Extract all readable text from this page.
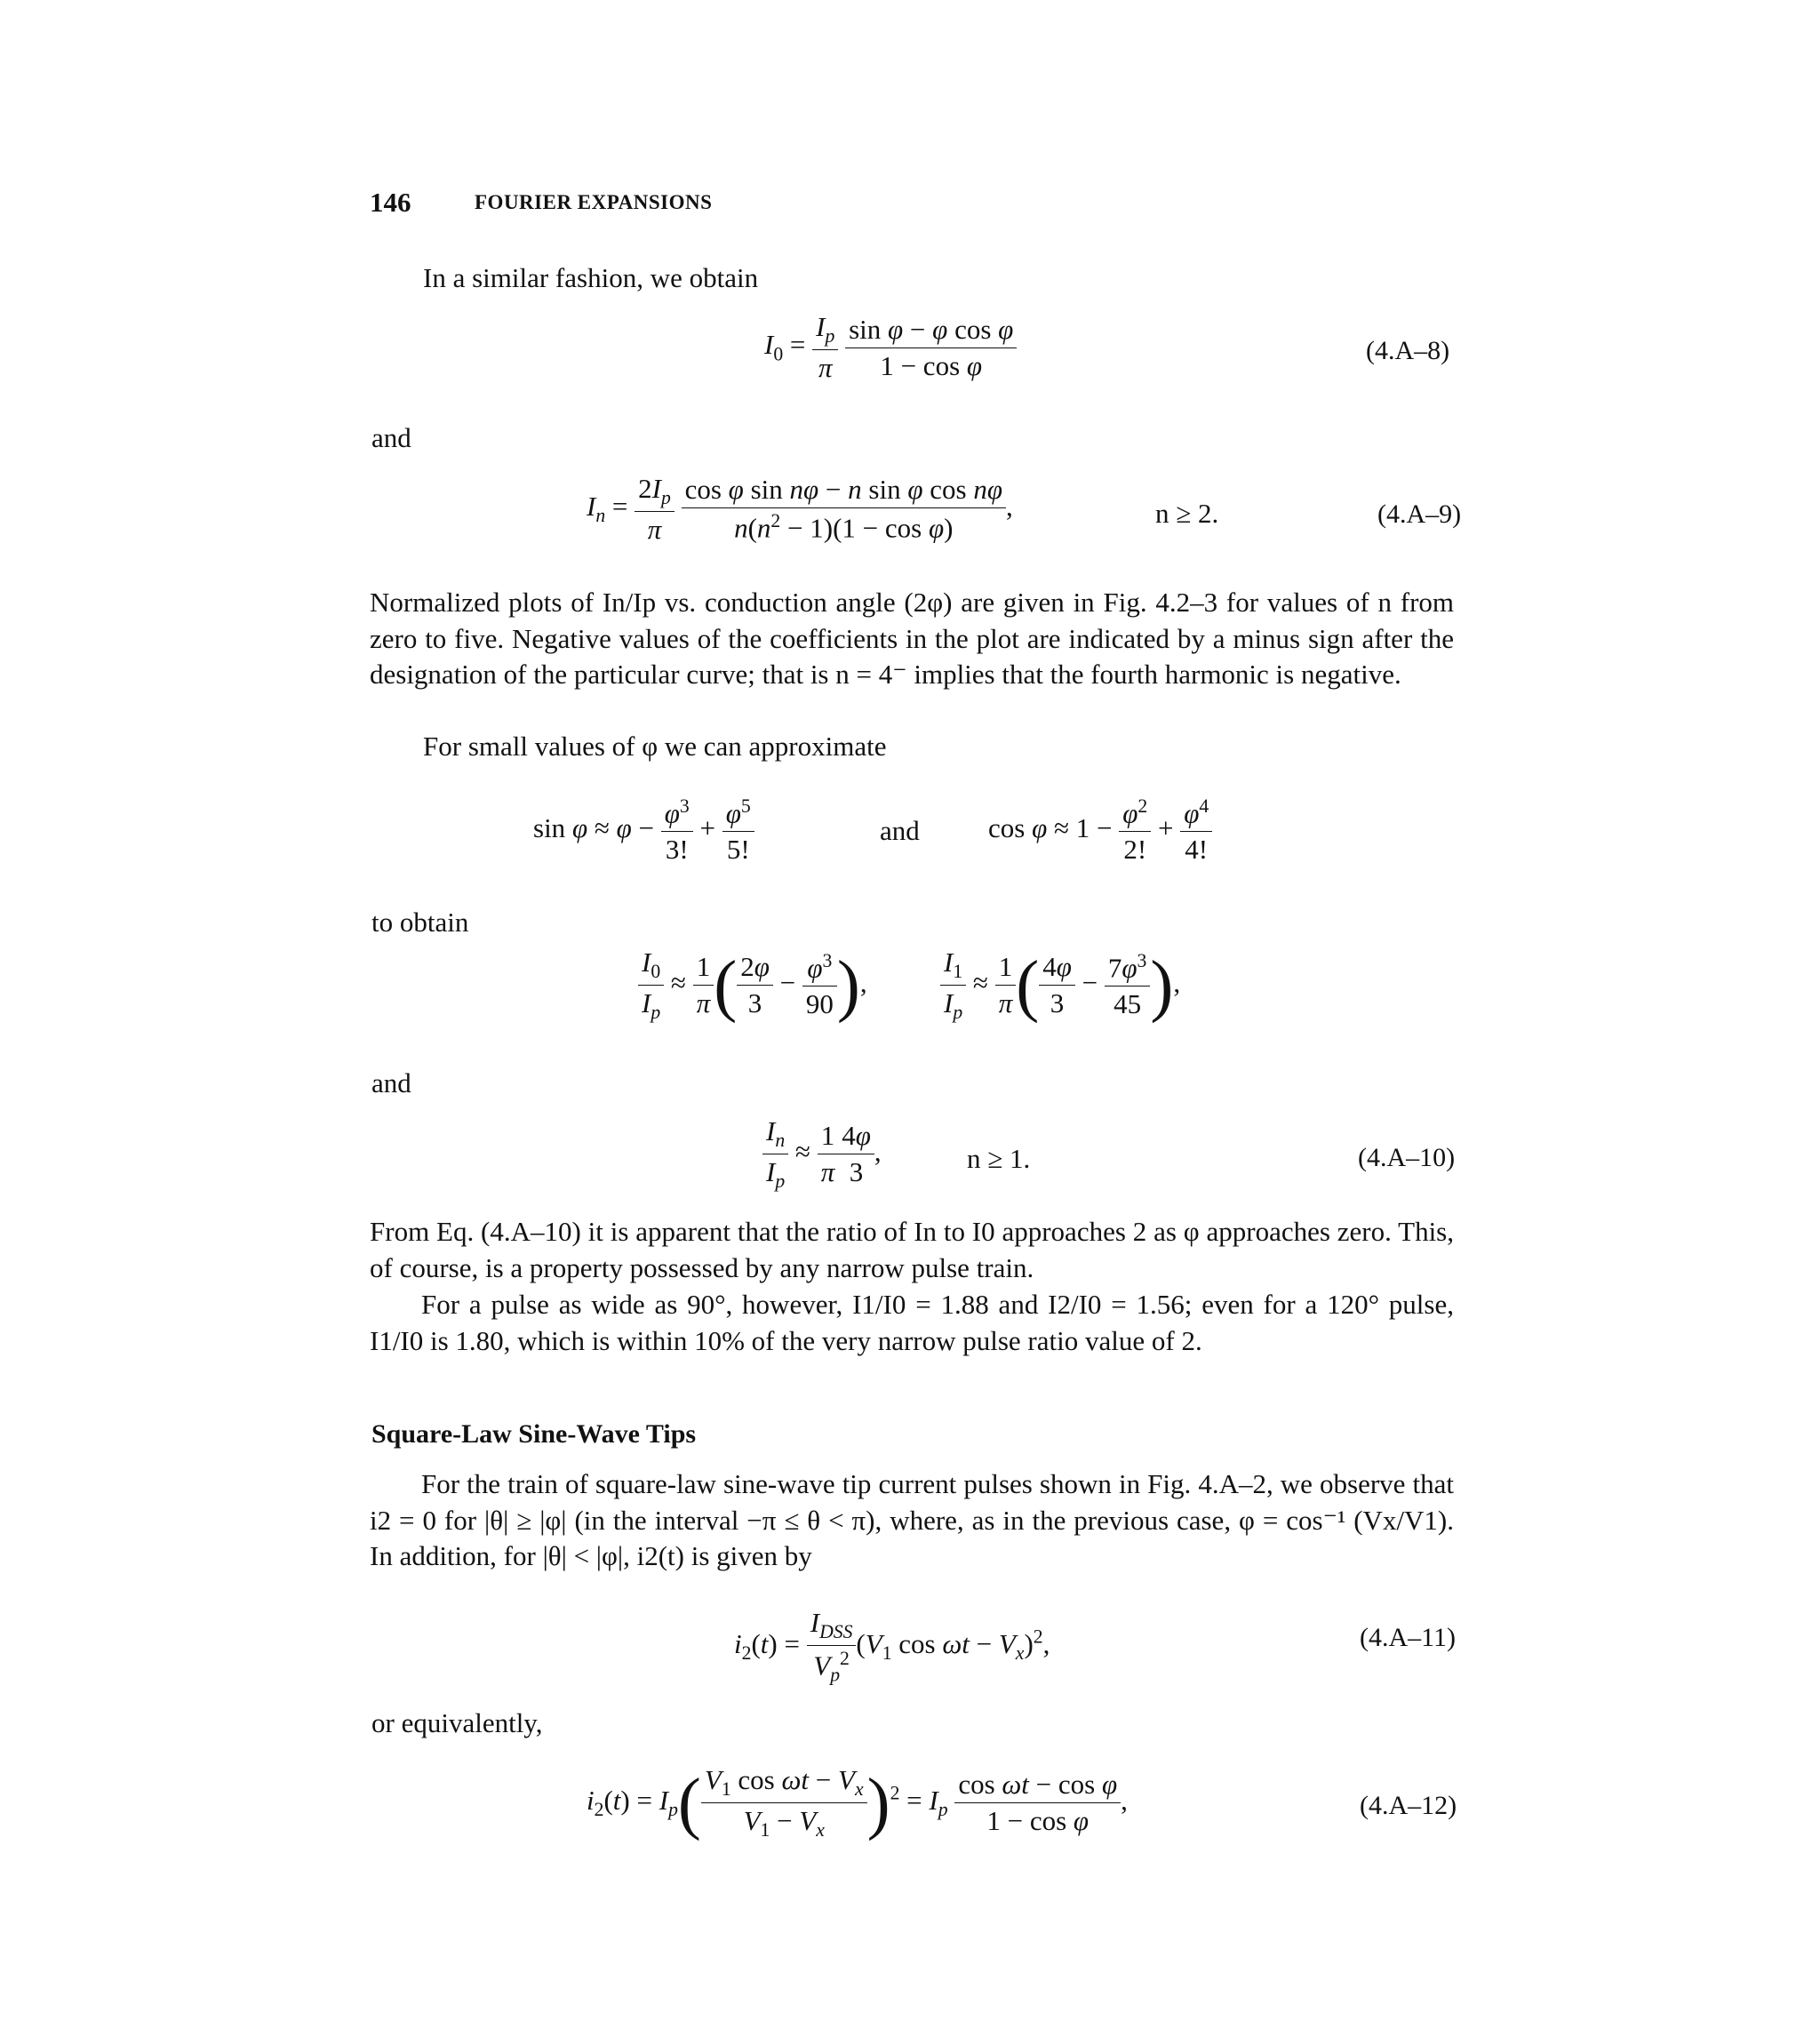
146	FOURIER EXPANSIONS
In a similar fashion, we obtain
$I_0 = \frac{I_p}{\pi}$
$\frac{\text{sin φ − φ cos φ}}{\text{1 − cos φ}}$	(4.A–8)
and
$I_n = \frac{2I_p}{\pi}$
$\frac{\text{cos φ sin nφ − n sin φ cos nφ}}{n(n^2 - 1)(1 - \cos \varphi)}$ ,	n ≥ 2.	(4.A–9)
Normalized plots of In/Ip vs. conduction angle (2φ) are given in Fig. 4.2–3 for values of n from zero to five. Negative values of the coefficients in the plot are indicated by a minus sign after the designation of the particular curve; that is n = 4⁻ implies that the fourth harmonic is negative.
For small values of φ we can approximate
$\sin \varphi \approx \varphi - \frac{\varphi^3}{3!} + \frac{\varphi^5}{5!}$	and $\cos \varphi \approx 1 - \frac{\varphi^2}{2!} + \frac{\varphi^4}{4!}$
to obtain
$\frac{I_0}{I_p} \approx \frac{1}{\pi}$ ( $\frac{2\varphi}{3} - \frac{\varphi^3}{90}$ ),	$\frac{I_1}{I_p} \approx \frac{1}{\pi}$ ( $\frac{4\varphi}{3} - \frac{7\varphi^3}{45}$ ),
and
$\frac{I_n}{I_p} \approx \frac{1}{\pi} \frac{4\varphi}{3}$ ,	n ≥ 1.	(4.A–10)
From Eq. (4.A–10) it is apparent that the ratio of In to I0 approaches 2 as φ approaches zero. This, of course, is a property possessed by any narrow pulse train.
For a pulse as wide as 90°, however, I1/I0 = 1.88 and I2/I0 = 1.56; even for a 120° pulse, I1/I0 is 1.80, which is within 10% of the very narrow pulse ratio value of 2.
Square-Law Sine-Wave Tips
For the train of square-law sine-wave tip current pulses shown in Fig. 4.A–2, we observe that i2 = 0 for |θ| ≥ |φ| (in the interval −π ≤ θ < π), where, as in the previous case, φ = cos⁻¹ (Vx/V1). In addition, for |θ| < |φ|, i2(t) is given by
$i_2(t) = \frac{I_{DSS}}{V_p^2} (V_1$ $\cos \omega t - V_x)^2$,	(4.A–11)
or equivalently,
$i_2(t) = I_p( \frac{V_1 \cos \omega t - V_x}{V_1 - V_x} )^2 = I_p \frac{\text{cos ωt − cos φ}}{\text{1 − cos φ}}$ ,	(4.A–12)
